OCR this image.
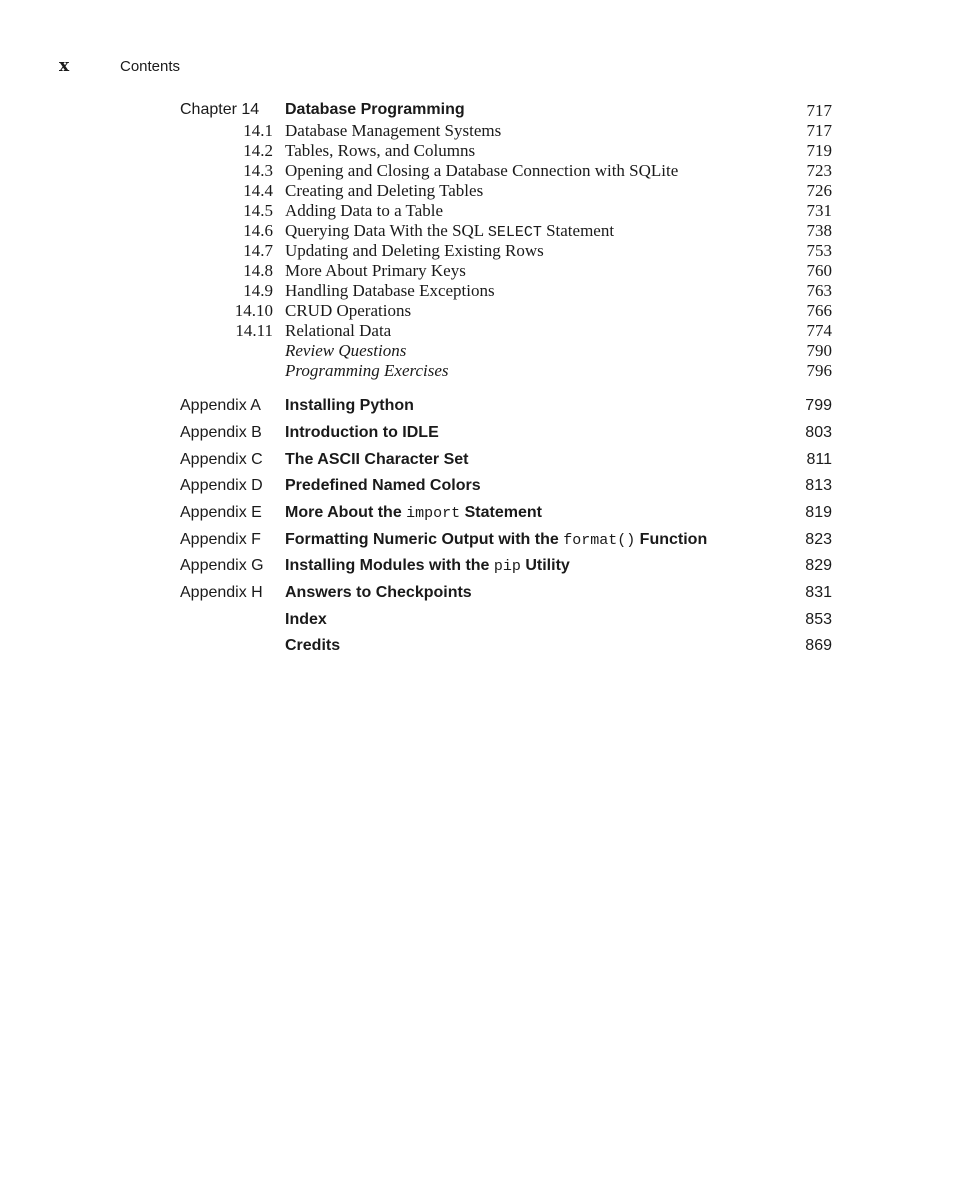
x	Contents
Chapter 14 Database Programming	717
14.1 Database Management Systems	717
14.2 Tables, Rows, and Columns	719
14.3 Opening and Closing a Database Connection with SQLite	723
14.4 Creating and Deleting Tables	726
14.5 Adding Data to a Table	731
14.6 Querying Data With the SQL SELECT Statement	738
14.7 Updating and Deleting Existing Rows	753
14.8 More About Primary Keys	760
14.9 Handling Database Exceptions	763
14.10 CRUD Operations	766
14.11 Relational Data	774
Review Questions	790
Programming Exercises	796
Appendix A Installing Python	799
Appendix B Introduction to IDLE	803
Appendix C The ASCII Character Set	811
Appendix D Predefined Named Colors	813
Appendix E More About the import Statement	819
Appendix F Formatting Numeric Output with the format() Function	823
Appendix G Installing Modules with the pip Utility	829
Appendix H Answers to Checkpoints	831
Index	853
Credits	869
